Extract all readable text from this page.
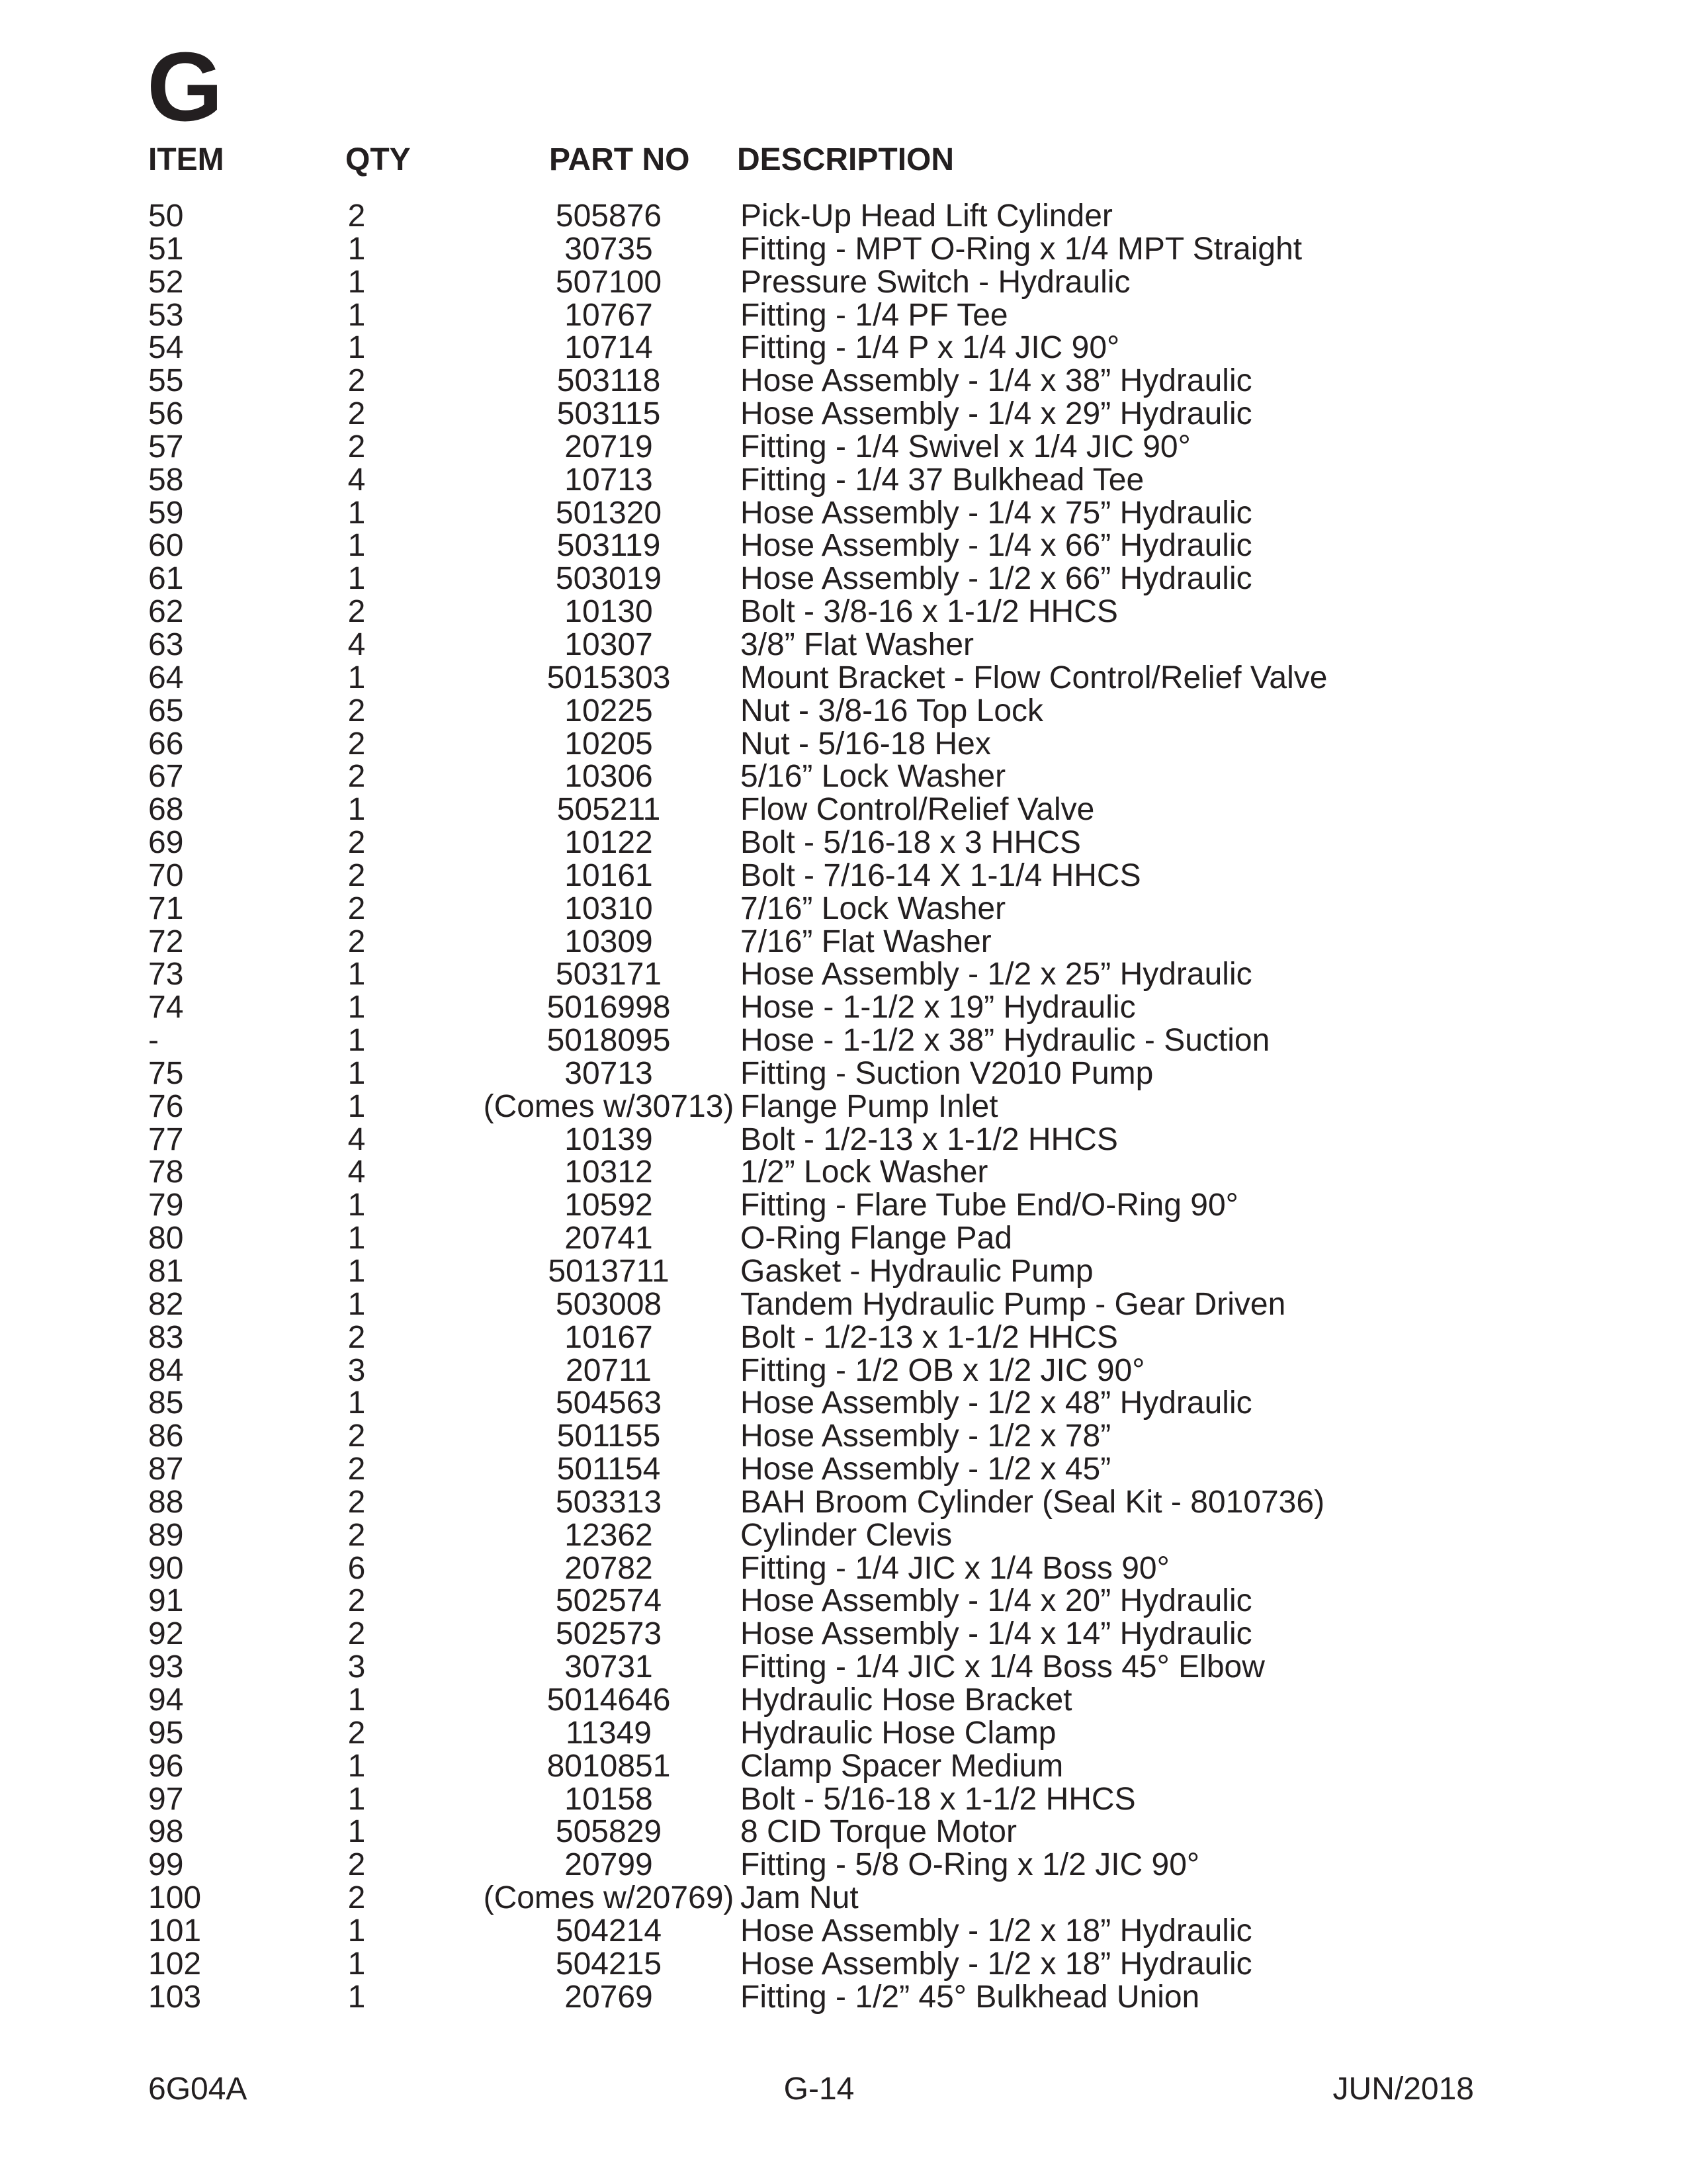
G
ITEM	QTY	PART NO DESCRIPTION
50	2	505876 Pick-Up Head Lift Cylinder
51	1	30735	Fitting - MPT O-Ring x 1/4 MPT Straight
52	1	507100 Pressure Switch - Hydraulic
53	1	10767	Fitting - 1/4 PF Tee
54	1	10714	Fitting - 1/4 P x 1/4 JIC 90°
55	2	503118	Hose Assembly - 1/4 x 38” Hydraulic
56	2	503115	Hose Assembly - 1/4 x 29” Hydraulic
57	2	20719	Fitting - 1/4 Swivel x 1/4 JIC 90°
58	4	10713	Fitting - 1/4 37 Bulkhead Tee
59	1	501320 Hose Assembly - 1/4 x 75” Hydraulic
60	1	503119	Hose Assembly - 1/4 x 66” Hydraulic
61	1	503019 Hose Assembly - 1/2 x 66” Hydraulic
62	2	10130	Bolt - 3/8-16 x 1-1/2 HHCS
63	4	10307	3/8” Flat Washer
64	1	5015303 Mount Bracket - Flow Control/Relief Valve
65	2	10225	Nut - 3/8-16 Top Lock
66	2	10205	Nut - 5/16-18 Hex
67	2	10306	5/16” Lock Washer
68	1	505211	Flow Control/Relief Valve
69	2	10122	Bolt - 5/16-18 x 3 HHCS
70	2	10161	Bolt - 7/16-14 X 1-1/4 HHCS
71	2	10310	7/16” Lock Washer
72	2	10309	7/16” Flat Washer
73	1	503171 Hose Assembly - 1/2 x 25” Hydraulic
74	1	5016998 Hose - 1-1/2 x 19” Hydraulic
-	1	5018095 Hose - 1-1/2 x 38” Hydraulic - Suction
75	1	30713	Fitting - Suction V2010 Pump
76	1	(Comes w/30713) Flange Pump Inlet
77	4	10139	Bolt - 1/2-13 x 1-1/2 HHCS
78	4	10312	1/2” Lock Washer
79	1	10592	Fitting - Flare Tube End/O-Ring 90°
80	1	20741	O-Ring Flange Pad
81	1	5013711 Gasket - Hydraulic Pump
82	1	503008 Tandem Hydraulic Pump - Gear Driven
83	2	10167	Bolt - 1/2-13 x 1-1/2 HHCS
84	3	20711	Fitting - 1/2 OB x 1/2 JIC 90°
85	1	504563 Hose Assembly - 1/2 x 48” Hydraulic
86	2	501155	Hose Assembly - 1/2 x 78”
87	2	501154	Hose Assembly - 1/2 x 45”
88	2	503313 BAH Broom Cylinder (Seal Kit - 8010736)
89	2	12362	Cylinder Clevis
90	6	20782	Fitting - 1/4 JIC x 1/4 Boss 90°
91	2	502574 Hose Assembly - 1/4 x 20” Hydraulic
92	2	502573 Hose Assembly - 1/4 x 14” Hydraulic
93	3	30731	Fitting - 1/4 JIC x 1/4 Boss 45° Elbow
94	1	5014646 Hydraulic Hose Bracket
95	2	11349	Hydraulic Hose Clamp
96	1	8010851 Clamp Spacer Medium
97	1	10158	Bolt - 5/16-18 x 1-1/2 HHCS
98	1	505829 8 CID Torque Motor
99	2	20799	Fitting - 5/8 O-Ring x 1/2 JIC 90°
100	2	(Comes w/20769) Jam Nut
101	1	504214 Hose Assembly - 1/2 x 18” Hydraulic
102	1	504215 Hose Assembly - 1/2 x 18” Hydraulic
103	1	20769	Fitting - 1/2” 45° Bulkhead Union
6G04A	G-14	JUN/2018
